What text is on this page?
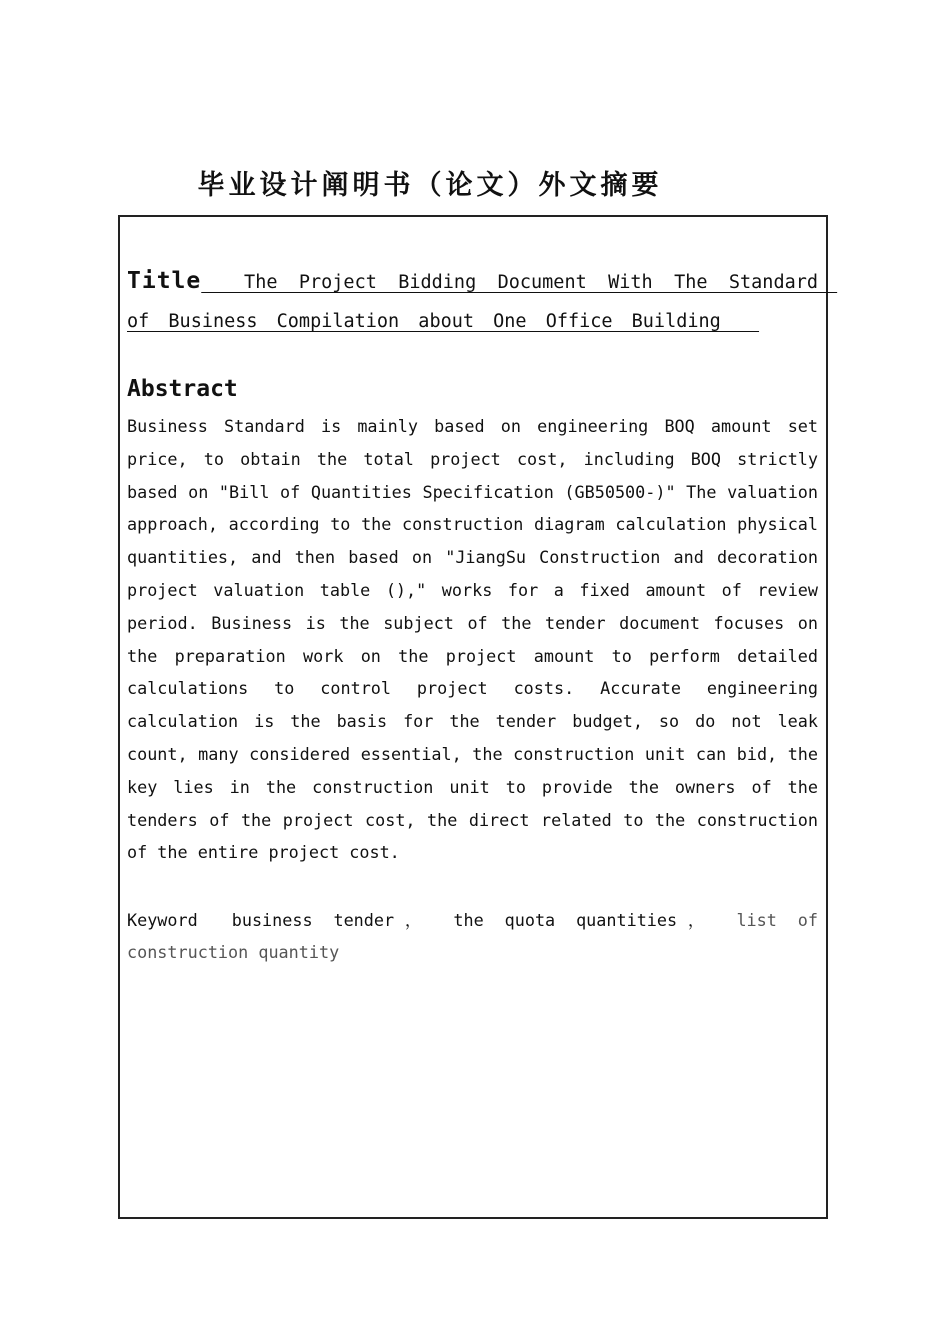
毕业设计阐明书（论文）外文摘要
Title  The Project Bidding Document With The Standard of Business Compilation about One Office Building
Abstract
Business Standard is mainly based on engineering BOQ amount set price, to obtain the total project cost, including BOQ strictly based on "Bill of Quantities Specification (GB50500-)" The valuation approach, according to the construction diagram calculation physical quantities, and then based on "JiangSu Construction and decoration project valuation table ()," works for a fixed amount of review period. Business is the subject of the tender document focuses on the preparation work on the project amount to perform detailed calculations to control project costs. Accurate engineering calculation is the basis for the tender budget, so do not leak count, many considered essential, the construction unit can bid, the key lies in the construction unit to provide the owners of the tenders of the project cost, the direct related to the construction of the entire project cost.
Keyword business tender， the quota quantities， list of construction quantity
